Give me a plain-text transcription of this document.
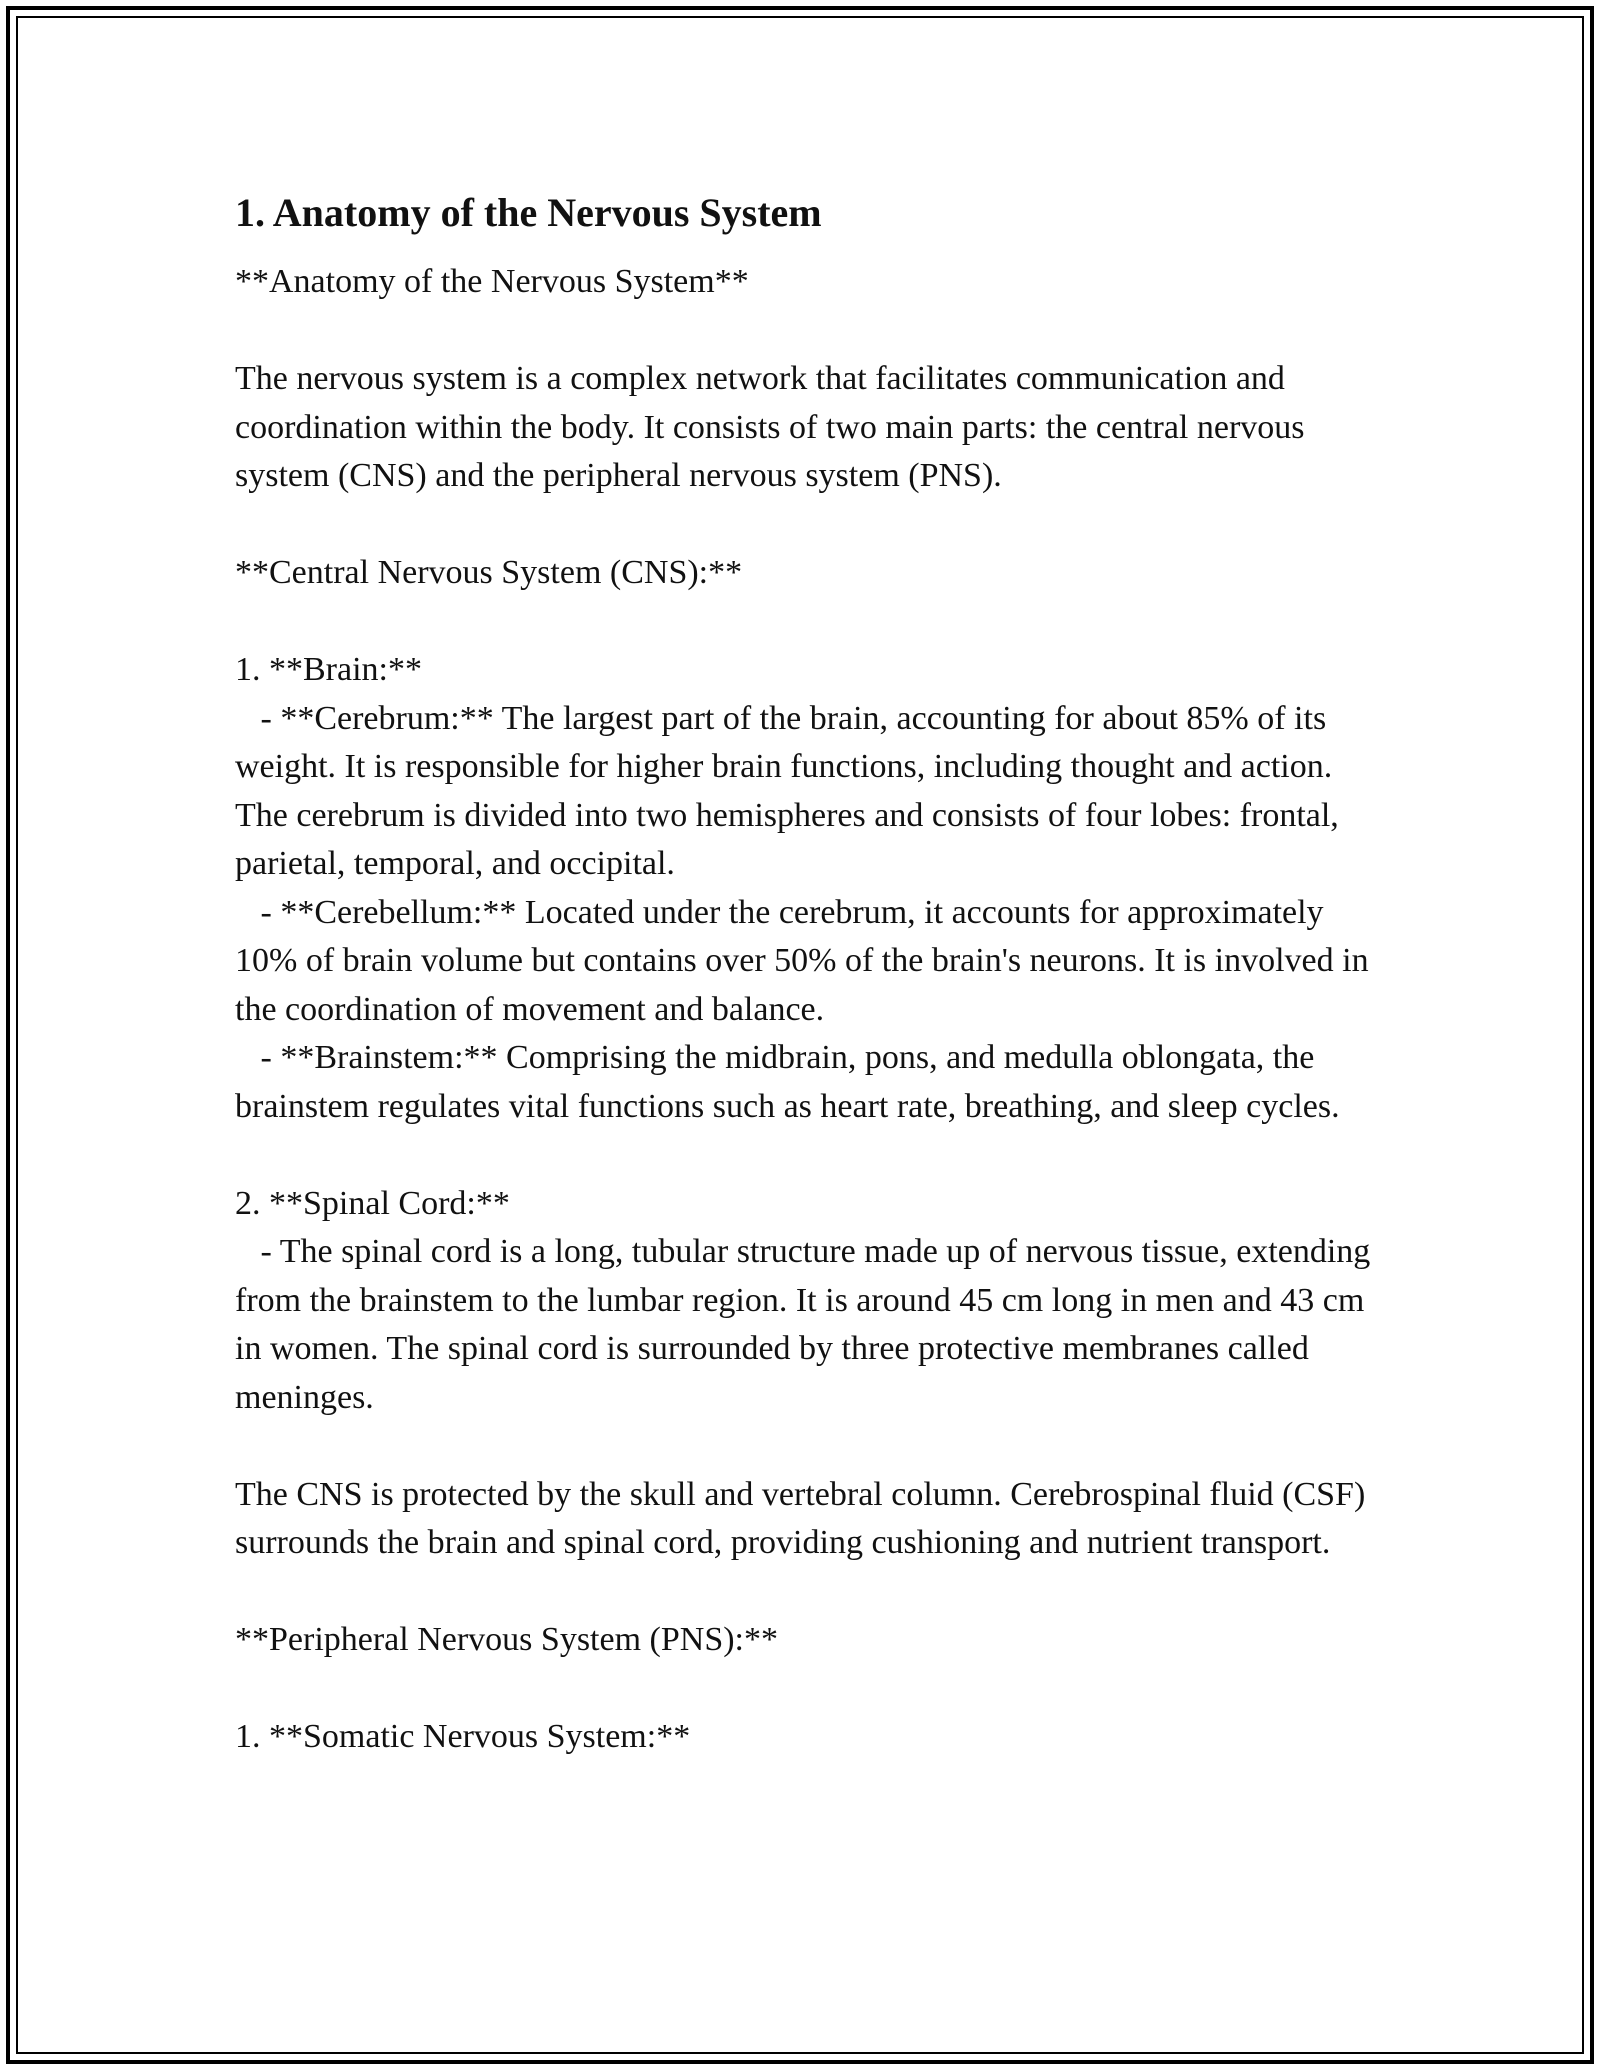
1. Anatomy of the Nervous System

**Anatomy of the Nervous System**

The nervous system is a complex network that facilitates communication and coordination within the body. It consists of two main parts: the central nervous system (CNS) and the peripheral nervous system (PNS).

**Central Nervous System (CNS):**

1. **Brain:**
- **Cerebrum:** The largest part of the brain, accounting for about 85% of its weight. It is responsible for higher brain functions, including thought and action. The cerebrum is divided into two hemispheres and consists of four lobes: frontal, parietal, temporal, and occipital.
- **Cerebellum:** Located under the cerebrum, it accounts for approximately 10% of brain volume but contains over 50% of the brain's neurons. It is involved in the coordination of movement and balance.
- **Brainstem:** Comprising the midbrain, pons, and medulla oblongata, the brainstem regulates vital functions such as heart rate, breathing, and sleep cycles.

2. **Spinal Cord:**
- The spinal cord is a long, tubular structure made up of nervous tissue, extending from the brainstem to the lumbar region. It is around 45 cm long in men and 43 cm in women. The spinal cord is surrounded by three protective membranes called meninges.

The CNS is protected by the skull and vertebral column. Cerebrospinal fluid (CSF) surrounds the brain and spinal cord, providing cushioning and nutrient transport.

**Peripheral Nervous System (PNS):**

1. **Somatic Nervous System:**
